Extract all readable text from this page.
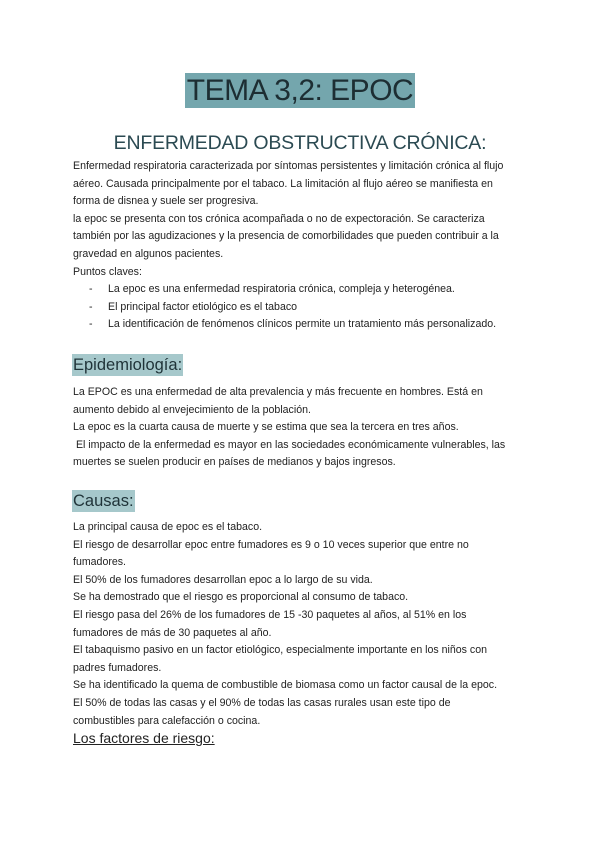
TEMA 3,2: EPOC
ENFERMEDAD OBSTRUCTIVA CRÓNICA:
Enfermedad respiratoria caracterizada por síntomas persistentes y limitación crónica al flujo
aéreo. Causada principalmente por el tabaco. La limitación al flujo aéreo se manifiesta en
forma de disnea y suele ser progresiva.
la epoc se presenta con tos crónica acompañada o no de expectoración. Se caracteriza
también por las agudizaciones y la presencia de comorbilidades que pueden contribuir a la
gravedad en algunos pacientes.
Puntos claves:
- La epoc es una enfermedad respiratoria crónica, compleja y heterogénea.
- El principal factor etiológico es el tabaco
- La identificación de fenómenos clínicos permite un tratamiento más personalizado.
Epidemiología:
La EPOC es una enfermedad de alta prevalencia y más frecuente en hombres. Está en
aumento debido al envejecimiento de la población.
La epoc es la cuarta causa de muerte y se estima que sea la tercera en tres años.
El impacto de la enfermedad es mayor en las sociedades económicamente vulnerables, las
muertes se suelen producir en países de medianos y bajos ingresos.
Causas:
La principal causa de epoc es el tabaco.
El riesgo de desarrollar epoc entre fumadores es 9 o 10 veces superior que entre no
fumadores.
El 50% de los fumadores desarrollan epoc a lo largo de su vida.
Se ha demostrado que el riesgo es proporcional al consumo de tabaco.
El riesgo pasa del 26% de los fumadores de 15 -30 paquetes al años, al 51% en los
fumadores de más de 30 paquetes al año.
El tabaquismo pasivo en un factor etiológico, especialmente importante en los niños con
padres fumadores.
Se ha identificado la quema de combustible de biomasa como un factor causal de la epoc.
El 50% de todas las casas y el 90% de todas las casas rurales usan este tipo de
combustibles para calefacción o cocina.
Los factores de riesgo:
